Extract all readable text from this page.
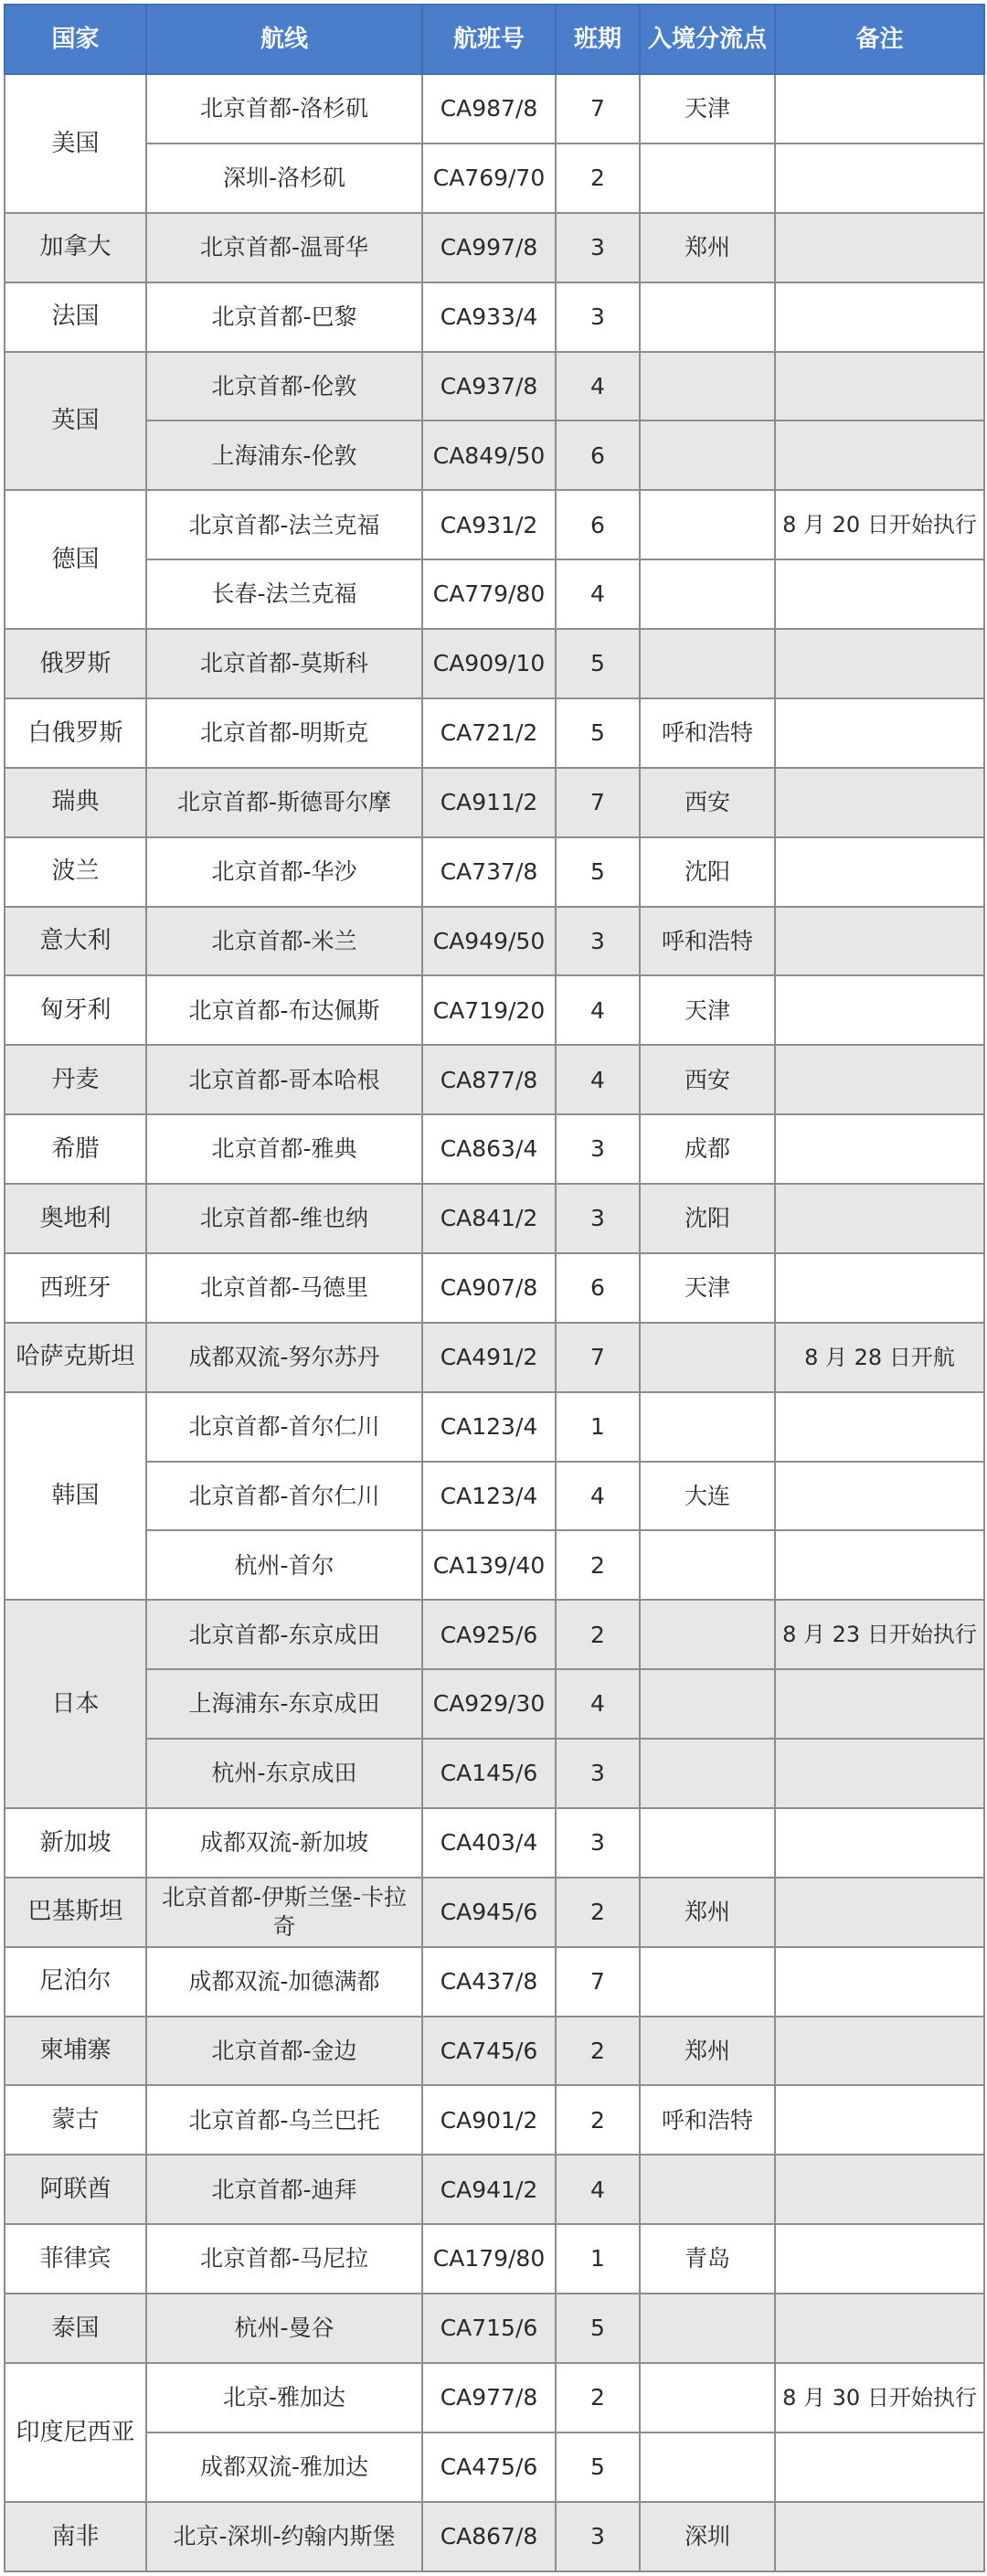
国家	航线	航班号	班期	入境分流点	备注
美国	北京首都-洛杉矶	CA987/8	7	天津	
	深圳-洛杉矶	CA769/70	2		
加拿大	北京首都-温哥华	CA997/8	3	郑州	
法国	北京首都-巴黎	CA933/4	3		
英国	北京首都-伦敦	CA937/8	4		
	上海浦东-伦敦	CA849/50	6		
德国	北京首都-法兰克福	CA931/2	6		8 月 20 日开始执行
	长春-法兰克福	CA779/80	4		
俄罗斯	北京首都-莫斯科	CA909/10	5		
白俄罗斯	北京首都-明斯克	CA721/2	5	呼和浩特	
瑞典	北京首都-斯德哥尔摩	CA911/2	7	西安	
波兰	北京首都-华沙	CA737/8	5	沈阳	
意大利	北京首都-米兰	CA949/50	3	呼和浩特	
匈牙利	北京首都-布达佩斯	CA719/20	4	天津	
丹麦	北京首都-哥本哈根	CA877/8	4	西安	
希腊	北京首都-雅典	CA863/4	3	成都	
奥地利	北京首都-维也纳	CA841/2	3	沈阳	
西班牙	北京首都-马德里	CA907/8	6	天津	
哈萨克斯坦	成都双流-努尔苏丹	CA491/2	7		8 月 28 日开航
韩国	北京首都-首尔仁川	CA123/4	1		
	北京首都-首尔仁川	CA123/4	4	大连	
	杭州-首尔	CA139/40	2		
日本	北京首都-东京成田	CA925/6	2		8 月 23 日开始执行
	上海浦东-东京成田	CA929/30	4		
	杭州-东京成田	CA145/6	3		
新加坡	成都双流-新加坡	CA403/4	3		
巴基斯坦	北京首都-伊斯兰堡-卡拉奇	CA945/6	2	郑州	
尼泊尔	成都双流-加德满都	CA437/8	7		
柬埔寨	北京首都-金边	CA745/6	2	郑州	
蒙古	北京首都-乌兰巴托	CA901/2	2	呼和浩特	
阿联酋	北京首都-迪拜	CA941/2	4		
菲律宾	北京首都-马尼拉	CA179/80	1	青岛	
泰国	杭州-曼谷	CA715/6	5		
印度尼西亚	北京-雅加达	CA977/8	2		8 月 30 日开始执行
	成都双流-雅加达	CA475/6	5		
南非	北京-深圳-约翰内斯堡	CA867/8	3	深圳	
